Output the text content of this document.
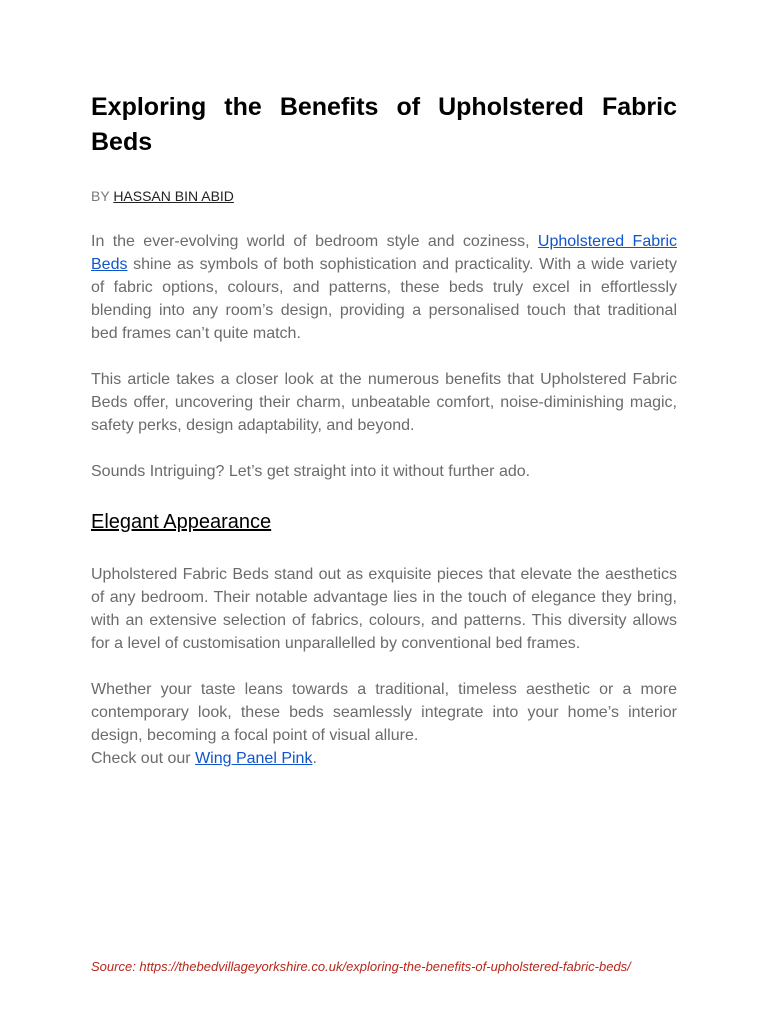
Exploring the Benefits of Upholstered Fabric Beds
BY HASSAN BIN ABID

In the ever-evolving world of bedroom style and coziness, Upholstered Fabric Beds shine as symbols of both sophistication and practicality. With a wide variety of fabric options, colours, and patterns, these beds truly excel in effortlessly blending into any room’s design, providing a personalised touch that traditional bed frames can’t quite match.

This article takes a closer look at the numerous benefits that Upholstered Fabric Beds offer, uncovering their charm, unbeatable comfort, noise-diminishing magic, safety perks, design adaptability, and beyond.

Sounds Intriguing? Let’s get straight into it without further ado.

Elegant Appearance

Upholstered Fabric Beds stand out as exquisite pieces that elevate the aesthetics of any bedroom. Their notable advantage lies in the touch of elegance they bring, with an extensive selection of fabrics, colours, and patterns. This diversity allows for a level of customisation unparallelled by conventional bed frames.

Whether your taste leans towards a traditional, timeless aesthetic or a more contemporary look, these beds seamlessly integrate into your home’s interior design, becoming a focal point of visual allure.

Check out our Wing Panel Pink.

Source: https://thebedvillageyorkshire.co.uk/exploring-the-benefits-of-upholstered-fabric-beds/
